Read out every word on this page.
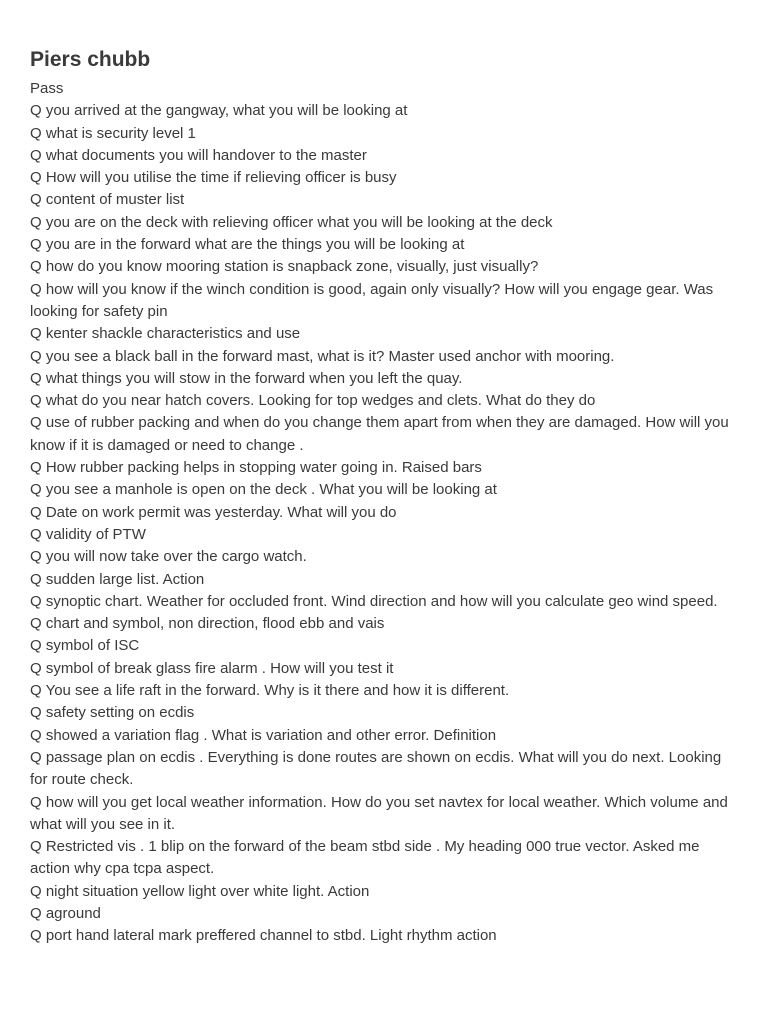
Piers chubb

Pass

Q you arrived at the gangway, what you will be looking at
Q what is security level 1
Q what documents you will handover to the master
Q How will you utilise the time if relieving officer is busy
Q content of muster list
Q you are on the deck with relieving officer what you will be looking at the deck
Q you are in the forward what are the things you will be looking at
Q how do you know mooring station is snapback zone, visually, just visually?
Q how will you know if the winch condition is good, again only visually? How will you engage gear. Was looking for safety pin
Q kenter shackle characteristics and use
Q you see a black ball in the forward mast, what is it? Master used anchor with mooring.
Q what things you will stow in the forward when you left the quay.
Q what do you near hatch covers. Looking for top wedges and clets. What do they do
Q use of rubber packing and when do you change them apart from when they are damaged. How will you know if it is damaged or need to change .
Q How rubber packing helps in stopping water going in. Raised bars
Q you see a manhole is open on the deck . What you will be looking at
Q Date on work permit was yesterday. What will you do
Q validity of PTW
Q you will now take over the cargo watch.
Q sudden large list. Action
Q synoptic chart. Weather for occluded front. Wind direction and how will you calculate geo wind speed.
Q chart and symbol, non direction, flood ebb and vais
Q symbol of ISC
Q symbol of break glass fire alarm . How will you test it
Q You see a life raft in the forward. Why is it there and how it is different.
Q safety setting on ecdis
Q showed a variation flag . What is variation and other error. Definition
Q passage plan on ecdis . Everything is done routes are shown on ecdis. What will you do next. Looking for route check.
Q how will you get local weather information. How do you set navtex for local weather. Which volume and what will you see in it.
Q Restricted vis . 1 blip on the forward of the beam stbd side . My heading 000 true vector. Asked me action why cpa tcpa aspect.
Q night situation yellow light over white light. Action
Q aground
Q port hand lateral mark preffered channel to stbd. Light rhythm action
